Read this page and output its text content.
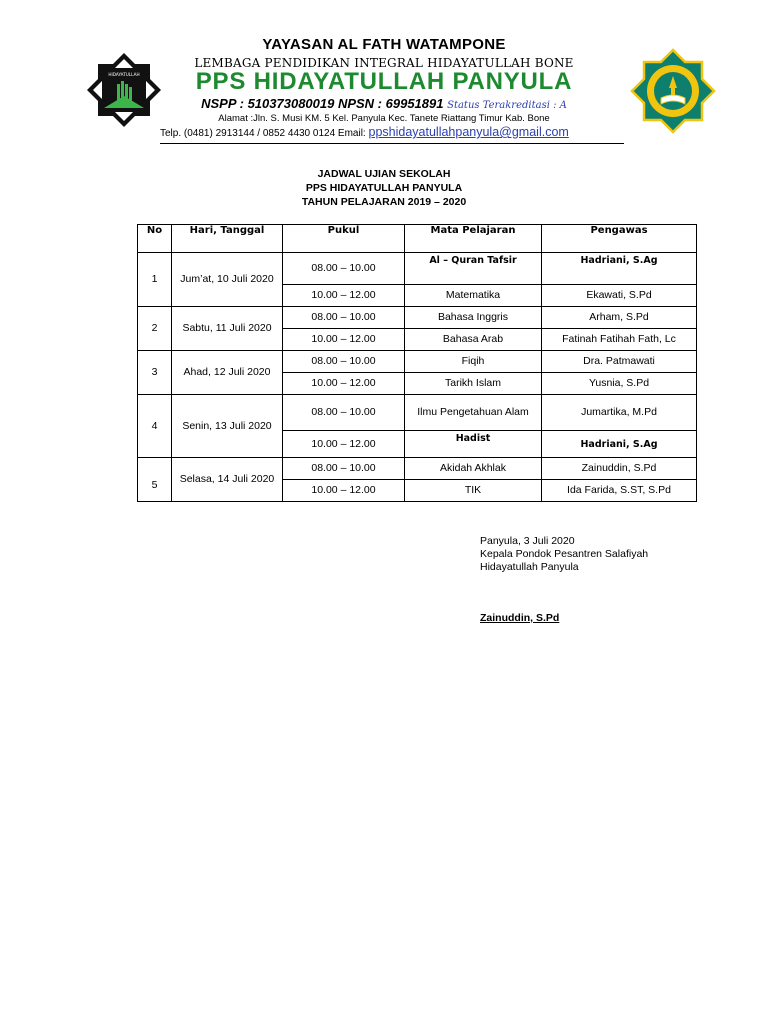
HIDAYATULLAH
YAYASAN AL FATH WATAMPONE
LEMBAGA PENDIDIKAN INTEGRAL HIDAYATULLAH BONE
PPS HIDAYATULLAH PANYULA
NSPP : 510373080019 NPSN : 69951891 Status Terakreditasi : A
Alamat :Jln. S. Musi KM. 5 Kel. Panyula Kec. Tanete Riattang Timur Kab. Bone
Telp. (0481) 2913144 / 0852 4430 0124 Email: ppshidayatullahpanyula@gmail.com
JADWAL UJIAN SEKOLAH
PPS HIDAYATULLAH PANYULA
TAHUN PELAJARAN 2019 – 2020
No	Hari, Tanggal	Pukul	Mata Pelajaran	Pengawas
1	Jum’at, 10 Juli 2020	08.00 – 10.00	Al – Quran Tafsir	Hadriani, S.Ag
		10.00 – 12.00	Matematika	Ekawati, S.Pd
2	Sabtu, 11 Juli 2020	08.00 – 10.00	Bahasa Inggris	Arham, S.Pd
		10.00 – 12.00	Bahasa Arab	Fatinah Fatihah Fath, Lc
3	Ahad, 12 Juli 2020	08.00 – 10.00	Fiqih	Dra. Patmawati
		10.00 – 12.00	Tarikh Islam	Yusnia, S.Pd
4	Senin, 13 Juli 2020	08.00 – 10.00	Ilmu Pengetahuan Alam	Jumartika, M.Pd
		10.00 – 12.00	Hadist	Hadriani, S.Ag
5	Selasa, 14 Juli 2020	08.00 – 10.00	Akidah Akhlak	Zainuddin, S.Pd
		10.00 – 12.00	TIK	Ida Farida, S.ST, S.Pd
Panyula, 3 Juli 2020
Kepala Pondok Pesantren Salafiyah
Hidayatullah Panyula
Zainuddin, S.Pd
